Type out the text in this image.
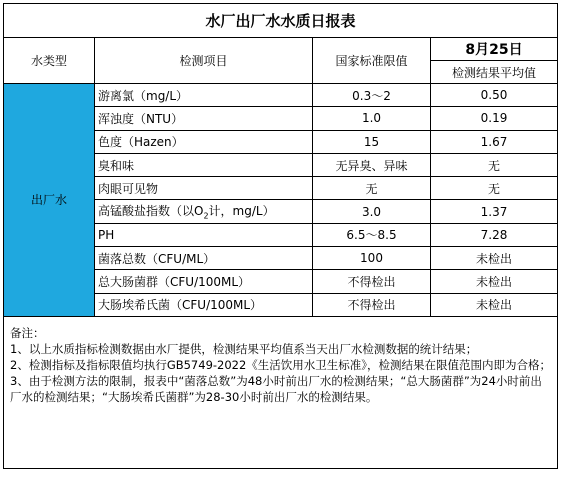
水厂出厂水水质日报表			
水类型	检测项目	国家标准限值	8月25日
			检测结果平均值
出厂水	游离氯（mg/L）	0.3～2	0.50
	浑浊度（NTU）	1.0	0.19
	色度（Hazen）	15	1.67
	臭和味	无异臭、异味	无
	肉眼可见物	无	无
	高锰酸盐指数（以$O_2$计，mg/L）	3.0	1.37
	PH	6.5～8.5	7.28
	菌落总数（CFU/ML）	100	未检出
	总大肠菌群（CFU/100ML）	不得检出	未检出
	大肠埃希氏菌（CFU/100ML）	不得检出	未检出

备注：
1、以上水质指标检测数据由水厂提供，检测结果平均值系当天出厂水检测数据的统计结果；
2、检测指标及指标限值均执行GB5749-2022《生活饮用水卫生标准》，检测结果在限值范围内即为合格；
3、由于检测方法的限制，报表中“菌落总数”为48小时前出厂水的检测结果；“总大肠菌群”为24小时前出厂水的检测结果；“大肠埃希氏菌群”为28-30小时前出厂水的检测结果。			
